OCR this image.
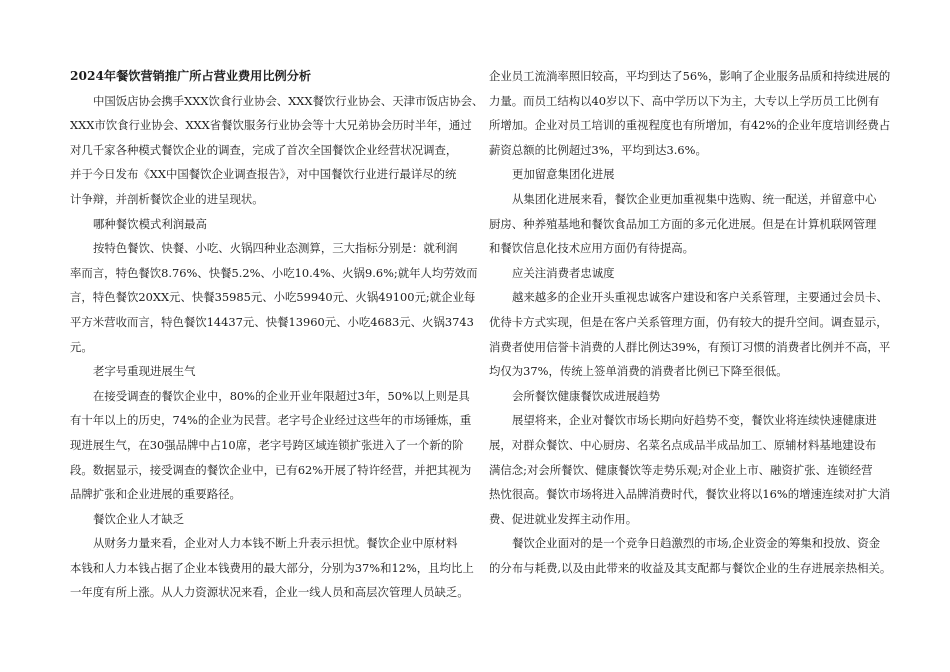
2024年餐饮营销推广所占营业费用比例分析

中国饭店协会携手XXX饮食行业协会、XXX餐饮行业协会、天津市饭店协会、
XXX市饮食行业协会、XXX省餐饮服务行业协会等十大兄弟协会历时半年，通过
对几千家各种模式餐饮企业的调查，完成了首次全国餐饮企业经营状况调查，
并于今日发布《XX中国餐饮企业调查报告》，对中国餐饮行业进行最详尽的统
计争辩，并剖析餐饮企业的进呈现状。

哪种餐饮模式利润最高

按特色餐饮、快餐、小吃、火锅四种业态测算，三大指标分别是：就利润
率而言，特色餐饮8.76%、快餐5.2%、小吃10.4%、火锅9.6%;就年人均劳效而
言，特色餐饮20XX元、快餐35985元、小吃59940元、火锅49100元;就企业每
平方米营收而言，特色餐饮14437元、快餐13960元、小吃4683元、火锅3743
元。

老字号重现进展生气

在接受调查的餐饮企业中，80%的企业开业年限超过3年，50%以上则是具
有十年以上的历史，74%的企业为民营。老字号企业经过这些年的市场锤炼，重
现进展生气，在30强品牌中占10席，老字号跨区域连锁扩张进入了一个新的阶
段。数据显示，接受调查的餐饮企业中，已有62%开展了特许经营，并把其视为
品牌扩张和企业进展的重要路径。

餐饮企业人才缺乏

从财务力量来看，企业对人力本钱不断上升表示担忧。餐饮企业中原材料
本钱和人力本钱占据了企业本钱费用的最大部分，分别为37%和12%，且均比上
一年度有所上涨。从人力资源状况来看，企业一线人员和高层次管理人员缺乏。

企业员工流淌率照旧较高，平均到达了56%，影响了企业服务品质和持续进展的
力量。而员工结构以40岁以下、高中学历以下为主，大专以上学历员工比例有
所增加。企业对员工培训的重视程度也有所增加，有42%的企业年度培训经费占
薪资总额的比例超过3%，平均到达3.6%。

更加留意集团化进展

从集团化进展来看，餐饮企业更加重视集中选购、统一配送，并留意中心
厨房、种养殖基地和餐饮食品加工方面的多元化进展。但是在计算机联网管理
和餐饮信息化技术应用方面仍有待提高。

应关注消费者忠诚度

越来越多的企业开头重视忠诚客户建设和客户关系管理，主要通过会员卡、
优待卡方式实现，但是在客户关系管理方面，仍有较大的提升空间。调查显示，
消费者使用信誉卡消费的人群比例达39%，有预订习惯的消费者比例并不高，平
均仅为37%，传统上签单消费的消费者比例已下降至很低。

会所餐饮健康餐饮成进展趋势

展望将来，企业对餐饮市场长期向好趋势不变，餐饮业将连续快速健康进
展，对群众餐饮、中心厨房、名菜名点成品半成品加工、原辅材料基地建设布
满信念;对会所餐饮、健康餐饮等走势乐观;对企业上市、融资扩张、连锁经营
热忱很高。餐饮市场将进入品牌消费时代，餐饮业将以16%的增速连续对扩大消
费、促进就业发挥主动作用。

餐饮企业面对的是一个竞争日趋激烈的市场,企业资金的筹集和投放、资金
的分布与耗费,以及由此带来的收益及其支配都与餐饮企业的生存进展亲热相关。
